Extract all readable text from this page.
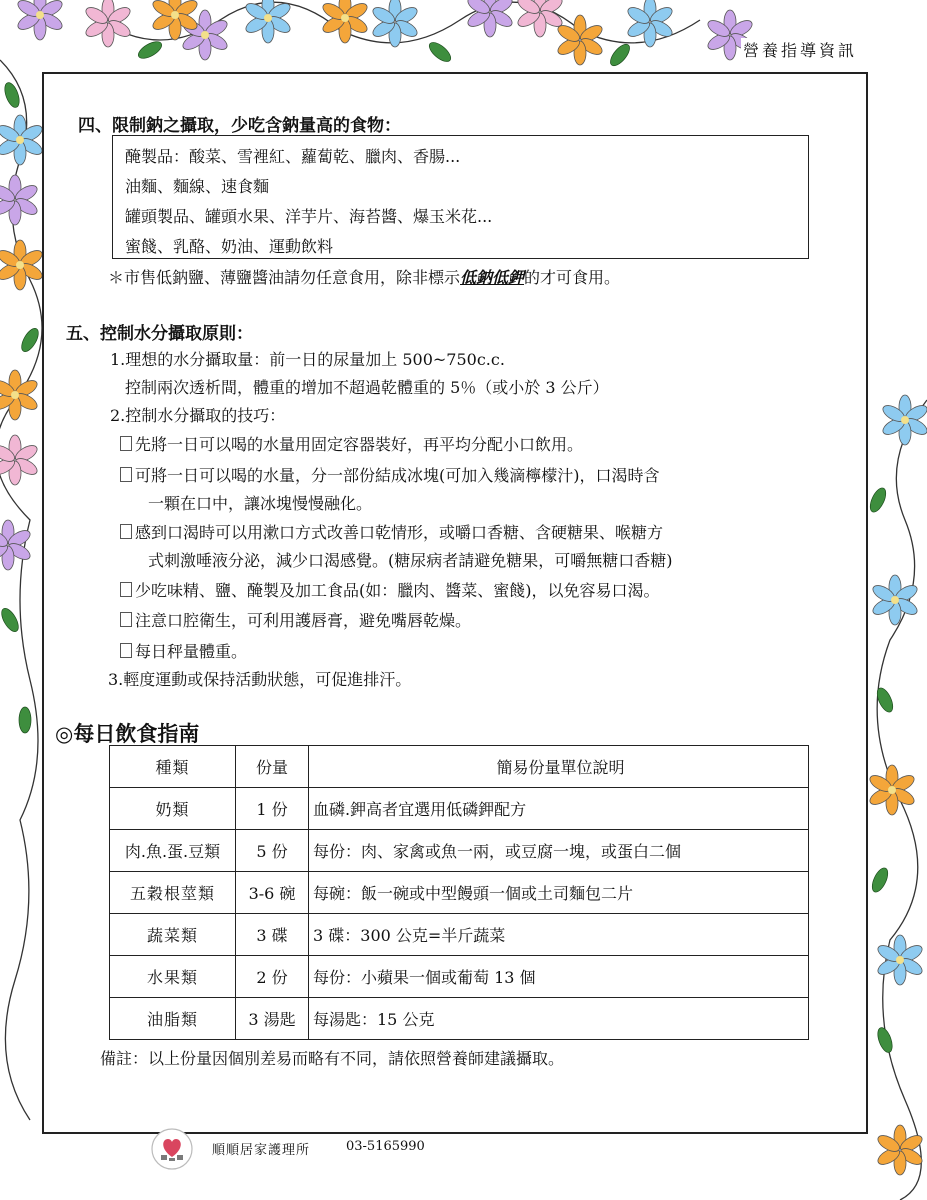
營養指導資訊
四、限制鈉之攝取，少吃含鈉量高的食物：
醃製品：酸菜、雪裡紅、蘿蔔乾、臘肉、香腸...
油麵、麵線、速食麵
罐頭製品、罐頭水果、洋芋片、海苔醬、爆玉米花...
蜜餞、乳酪、奶油、運動飲料
＊市售低鈉鹽、薄鹽醬油請勿任意食用，除非標示低鈉低鉀的才可食用。
五、控制水分攝取原則：
1.理想的水分攝取量：前一日的尿量加上 500~750c.c.
控制兩次透析間，體重的增加不超過乾體重的 5％（或小於 3 公斤）
2.控制水分攝取的技巧：
先將一日可以喝的水量用固定容器裝好，再平均分配小口飲用。
可將一日可以喝的水量，分一部份結成冰塊(可加入幾滴檸檬汁)，口渴時含
一顆在口中，讓冰塊慢慢融化。
感到口渴時可以用漱口方式改善口乾情形，或嚼口香糖、含硬糖果、喉糖方
式刺激唾液分泌，減少口渴感覺。(糖尿病者請避免糖果，可嚼無糖口香糖)
少吃味精、鹽、醃製及加工食品(如：臘肉、醬菜、蜜餞)，以免容易口渴。
注意口腔衛生，可利用護唇膏，避免嘴唇乾燥。
每日秤量體重。
3.輕度運動或保持活動狀態，可促進排汗。
◎每日飲食指南
種類	份量	簡易份量單位說明
奶類	1 份	血磷.鉀高者宜選用低磷鉀配方
肉.魚.蛋.豆類	5 份	每份：肉、家禽或魚一兩，或豆腐一塊，或蛋白二個
五穀根莖類	3-6 碗	每碗：飯一碗或中型饅頭一個或土司麵包二片
蔬菜類	3 碟	3 碟：300 公克=半斤蔬菜
水果類	2 份	每份：小蘋果一個或葡萄 13 個
油脂類	3 湯匙	每湯匙：15 公克
備註：以上份量因個別差易而略有不同，請依照營養師建議攝取。
順順居家護理所	03-5165990
